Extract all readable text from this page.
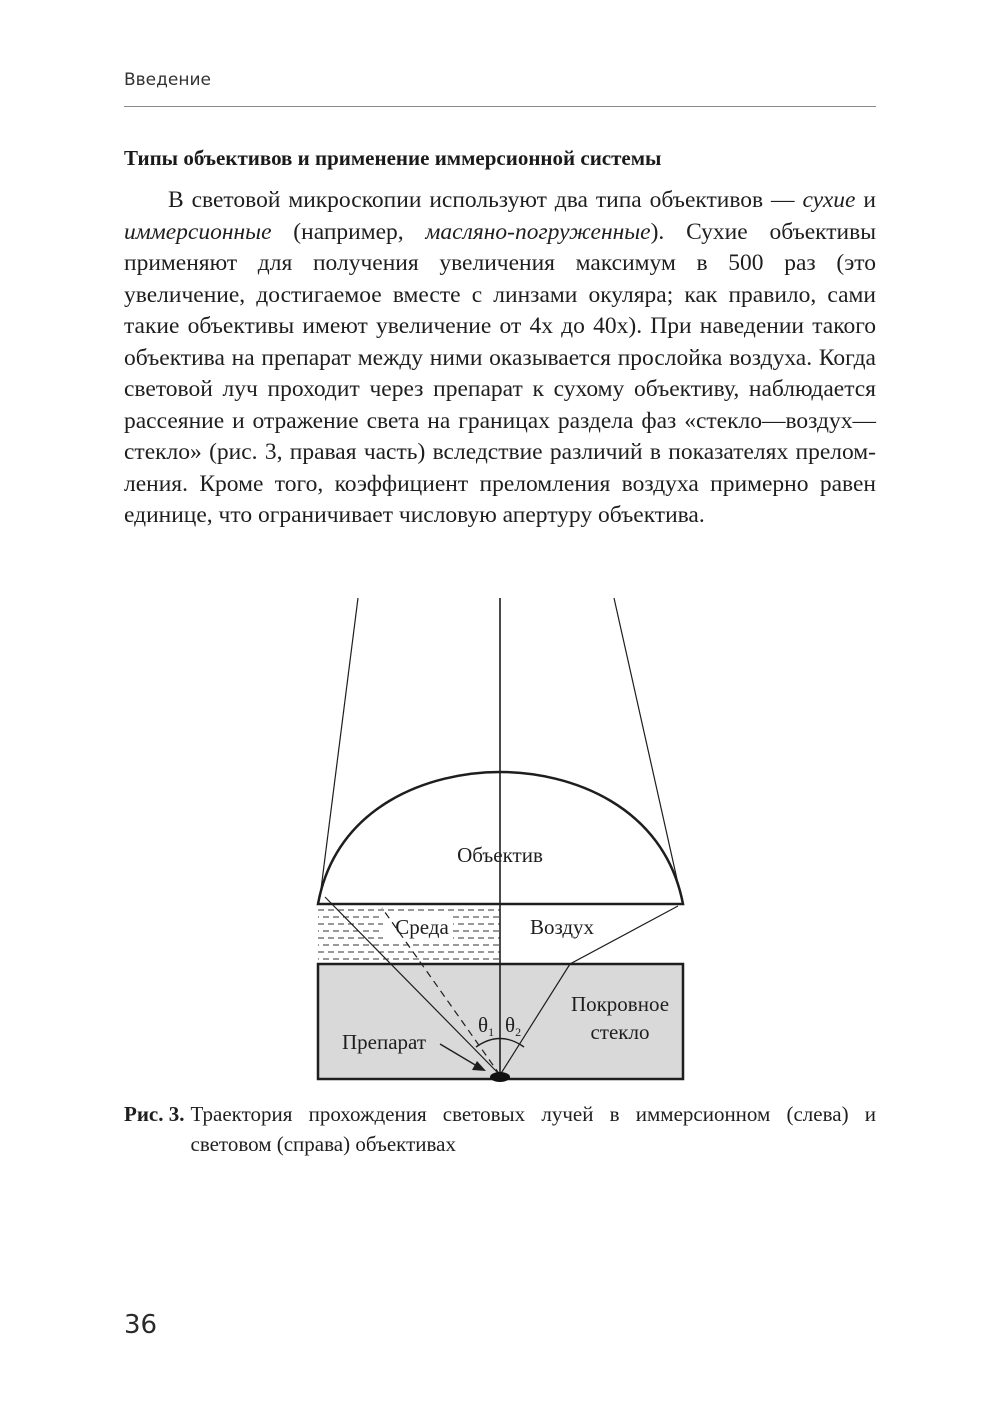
Введение
Типы объективов и применение иммерсионной системы

В световой микроскопии используют два типа объективов — сухие и иммерсионные (например, масляно-погруженные). Сухие объективы применяют для получения увеличения максимум в 500 раз (это увеличение, достигаемое вместе с линзами окуляра; как правило, сами такие объективы имеют увеличение от 4х до 40х). При наведении такого объектива на препарат между ними оказывается прослойка воздуха. Когда световой луч проходит через препарат к сухому объективу, наблюдается рассеяние и отражение света на границах раздела фаз «стекло—воздух—стекло» (рис. 3, правая часть) вследствие различий в показателях преломления. Кроме того, коэффициент преломления воздуха примерно равен единице, что ограничивает числовую апертуру объектива.

Объектив
Среда	Воздух
Покровное
стекло
Препарат
θ1 θ2
Рис. 3. Траектория прохождения световых лучей в иммерсионном (слева) и световом (справа) объективах
36
